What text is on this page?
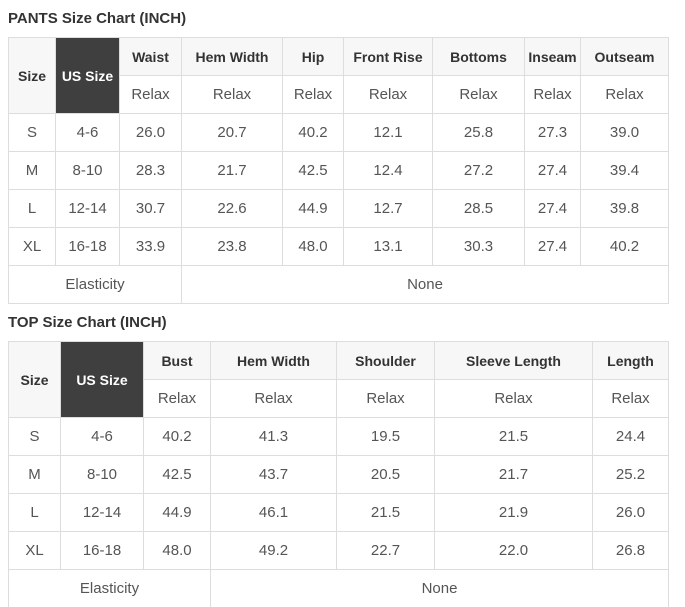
PANTS Size Chart (INCH)
Size	US Size	Waist	Hem Width	Hip	Front Rise	Bottoms	Inseam	Outseam
		Relax	Relax	Relax	Relax	Relax	Relax	Relax
S	4-6	26.0	20.7	40.2	12.1	25.8	27.3	39.0
M	8-10	28.3	21.7	42.5	12.4	27.2	27.4	39.4
L	12-14	30.7	22.6	44.9	12.7	28.5	27.4	39.8
XL	16-18	33.9	23.8	48.0	13.1	30.3	27.4	40.2
Elasticity			None					
TOP Size Chart (INCH)
Size	US Size	Bust	Hem Width	Shoulder	Sleeve Length	Length
		Relax	Relax	Relax	Relax	Relax
S	4-6	40.2	41.3	19.5	21.5	24.4
M	8-10	42.5	43.7	20.5	21.7	25.2
L	12-14	44.9	46.1	21.5	21.9	26.0
XL	16-18	48.0	49.2	22.7	22.0	26.8
Elasticity			None			
